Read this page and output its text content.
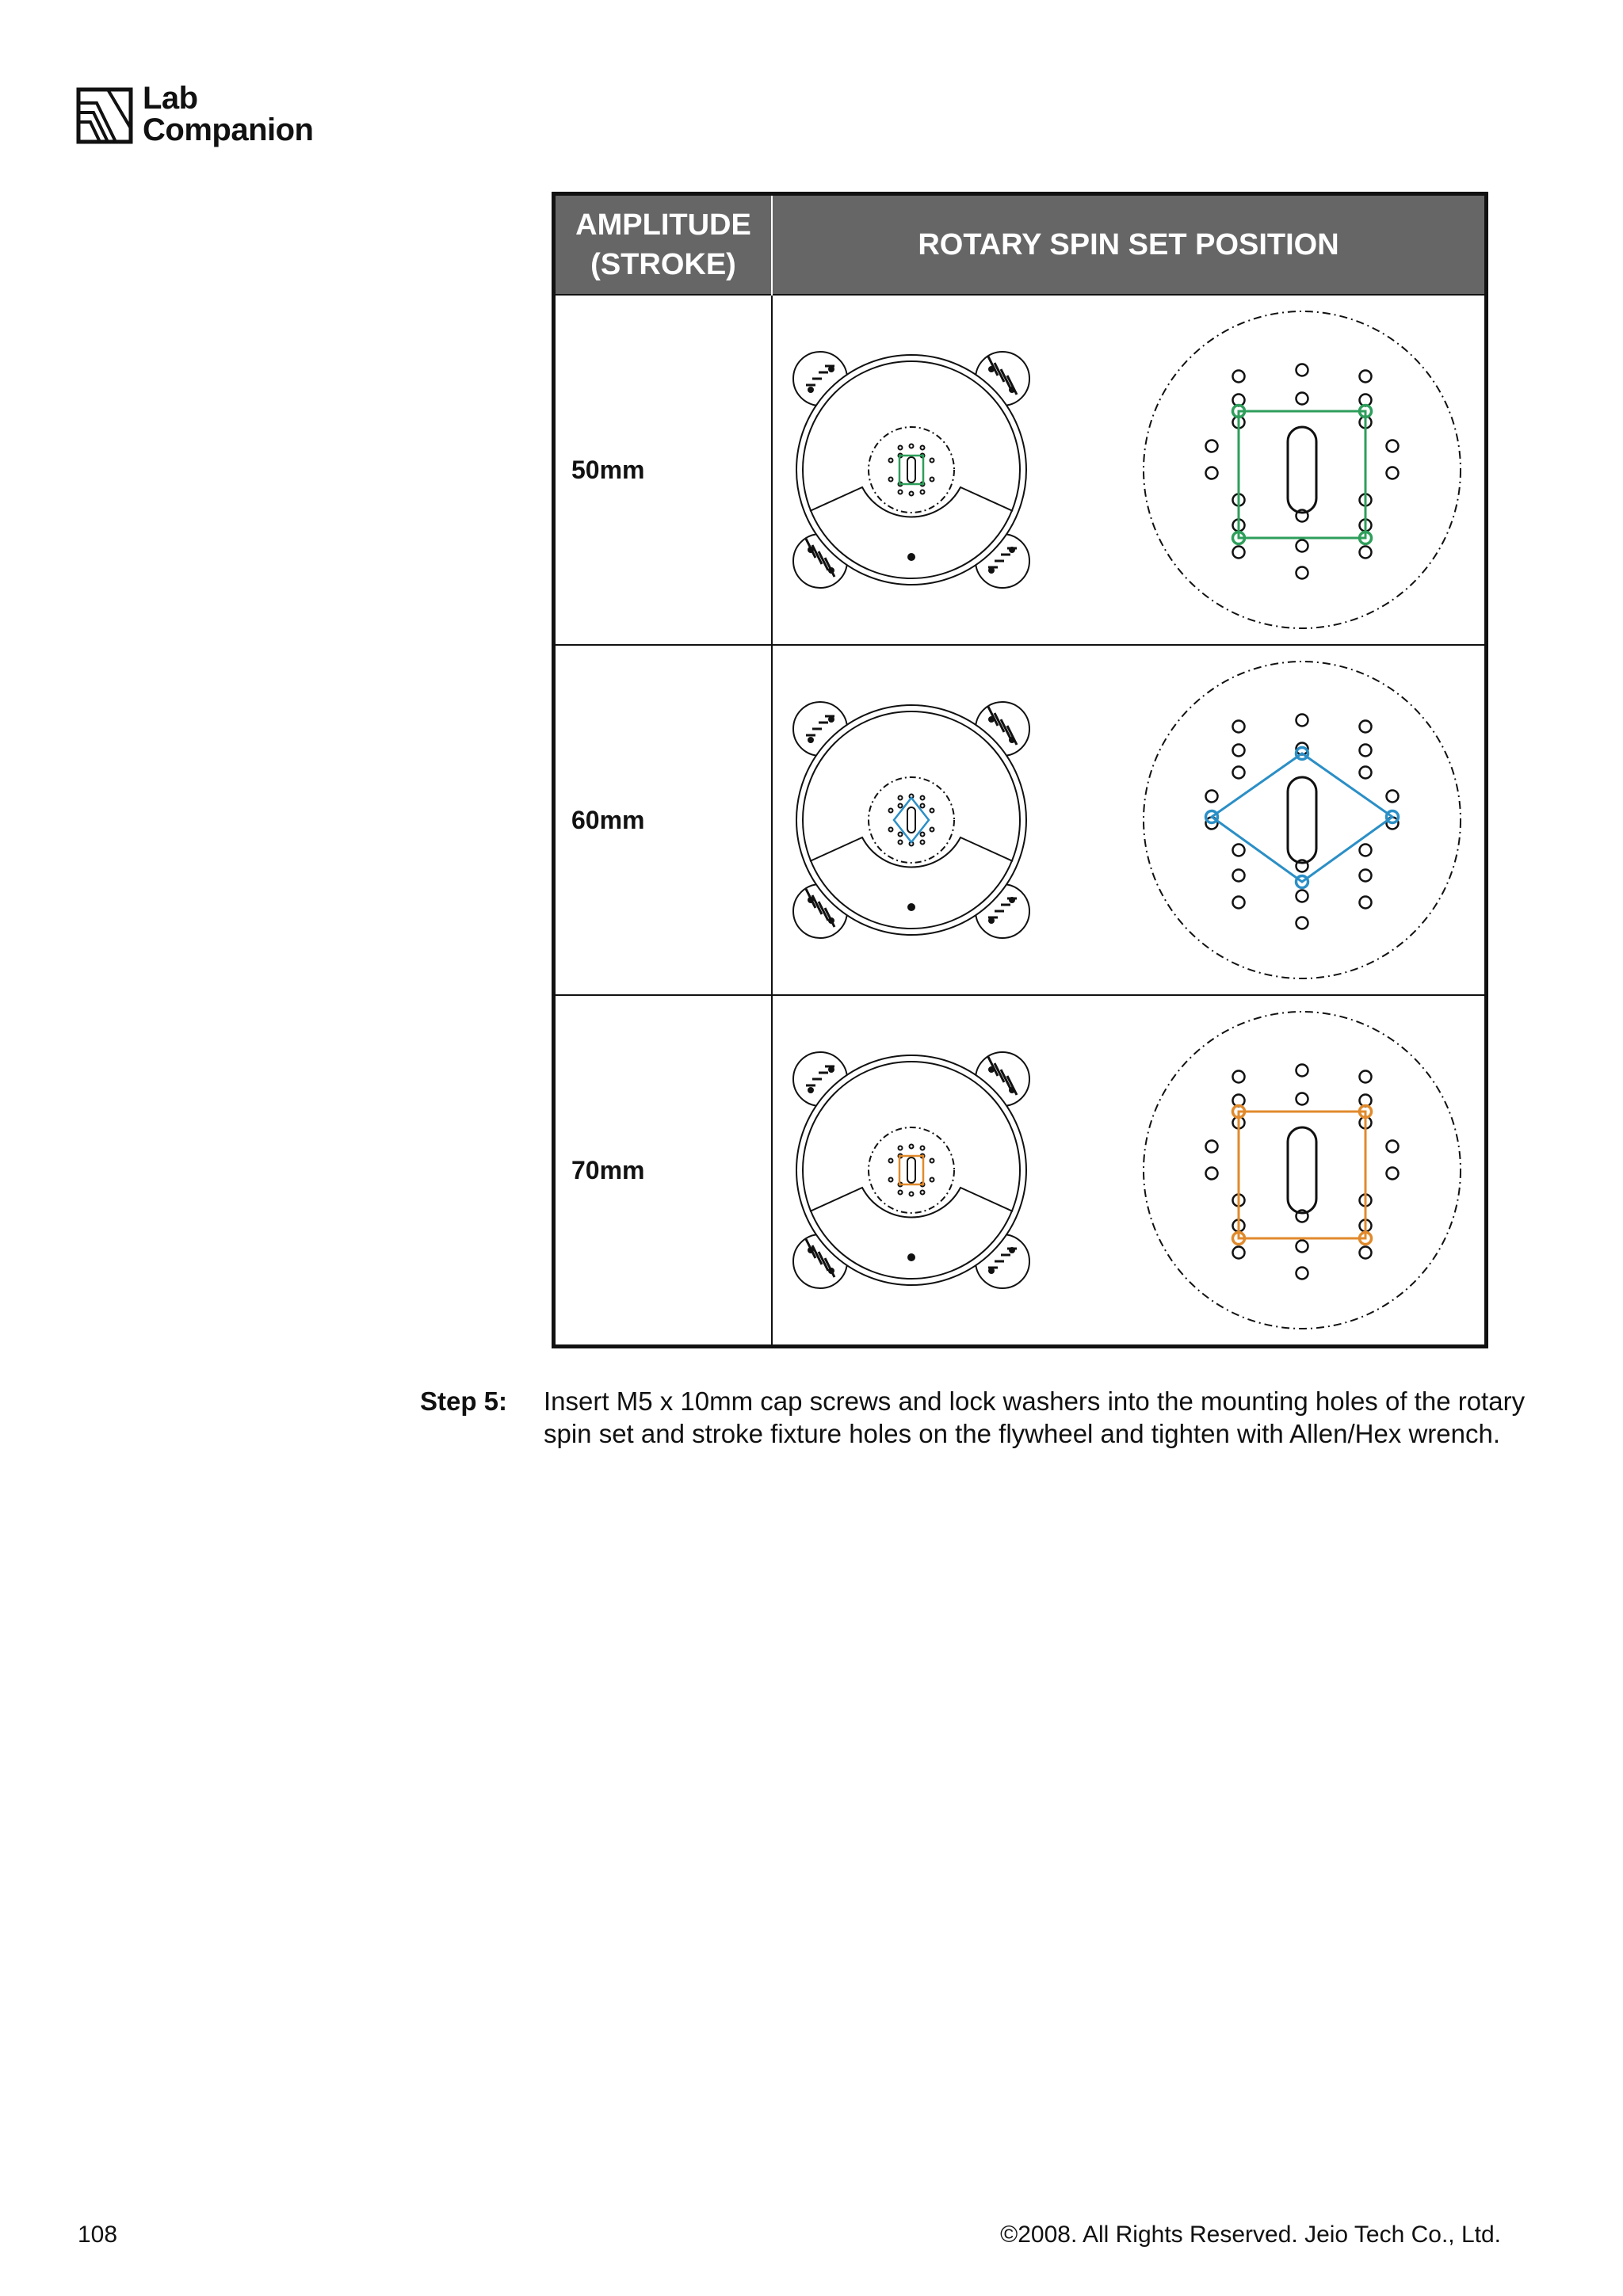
Lab
Companion
AMPLITUDE
(STROKE)	ROTARY SPIN SET POSITION
50mm	

60mm	

70mm	
Step 5: Insert M5 x 10mm cap screws and lock washers into the mounting holes of the rotary spin set and stroke fixture holes on the flywheel and tighten with Allen/Hex wrench.
108	©2008. All Rights Reserved. Jeio Tech Co., Ltd.
